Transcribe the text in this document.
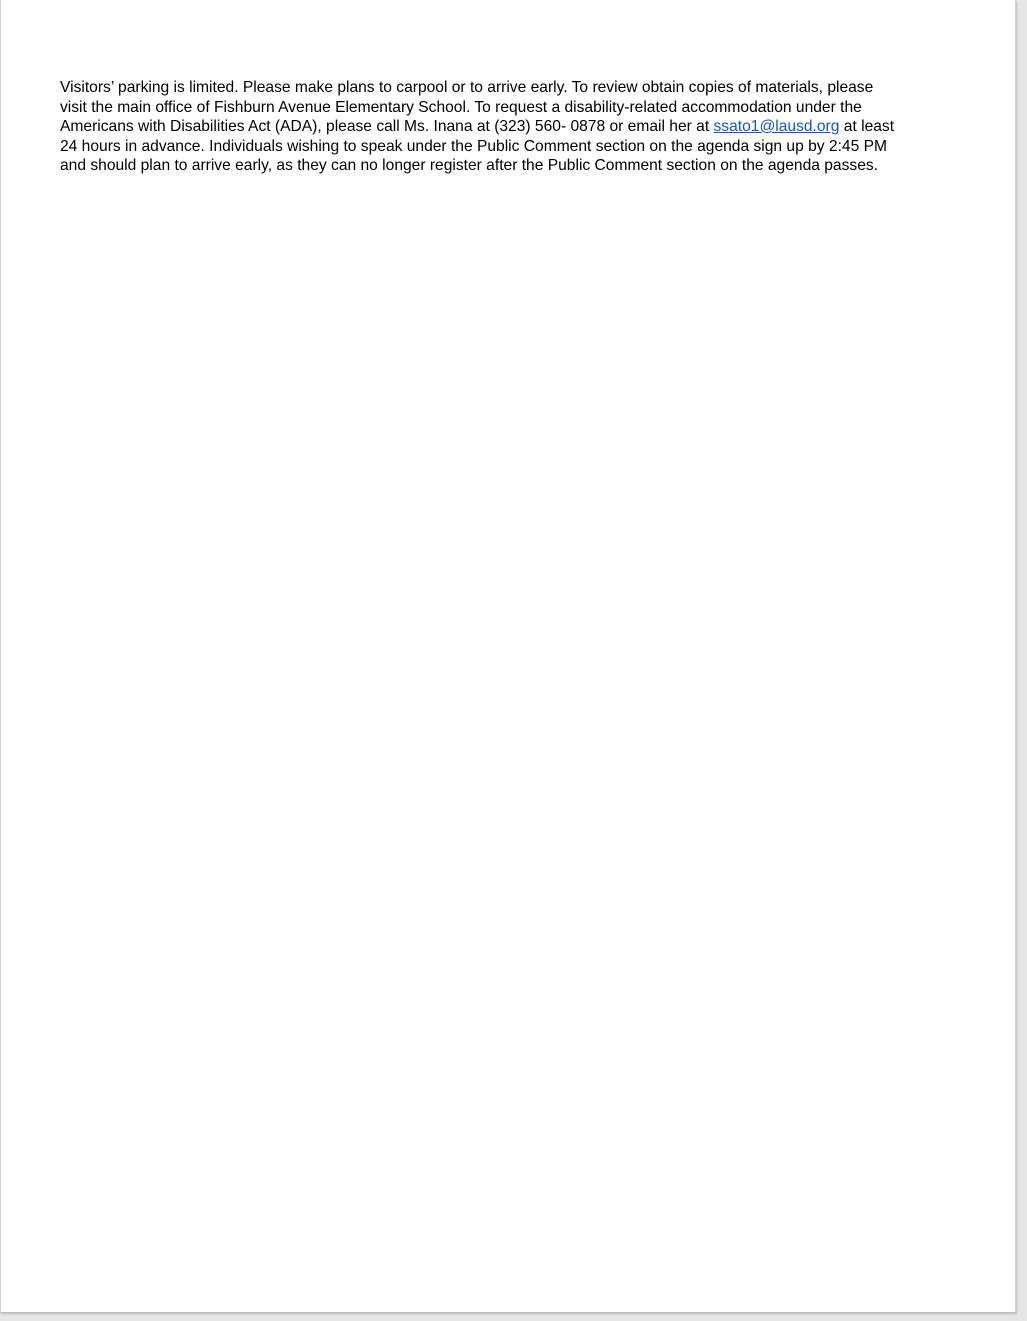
Visitors’ parking is limited. Please make plans to carpool or to arrive early. To review obtain copies of materials, please
visit the main office of Fishburn Avenue Elementary School. To request a disability-related accommodation under the
Americans with Disabilities Act (ADA), please call Ms. Inana at (323) 560- 0878 or email her at ssato1@lausd.org at least
24 hours in advance. Individuals wishing to speak under the Public Comment section on the agenda sign up by 2:45 PM
and should plan to arrive early, as they can no longer register after the Public Comment section on the agenda passes.
